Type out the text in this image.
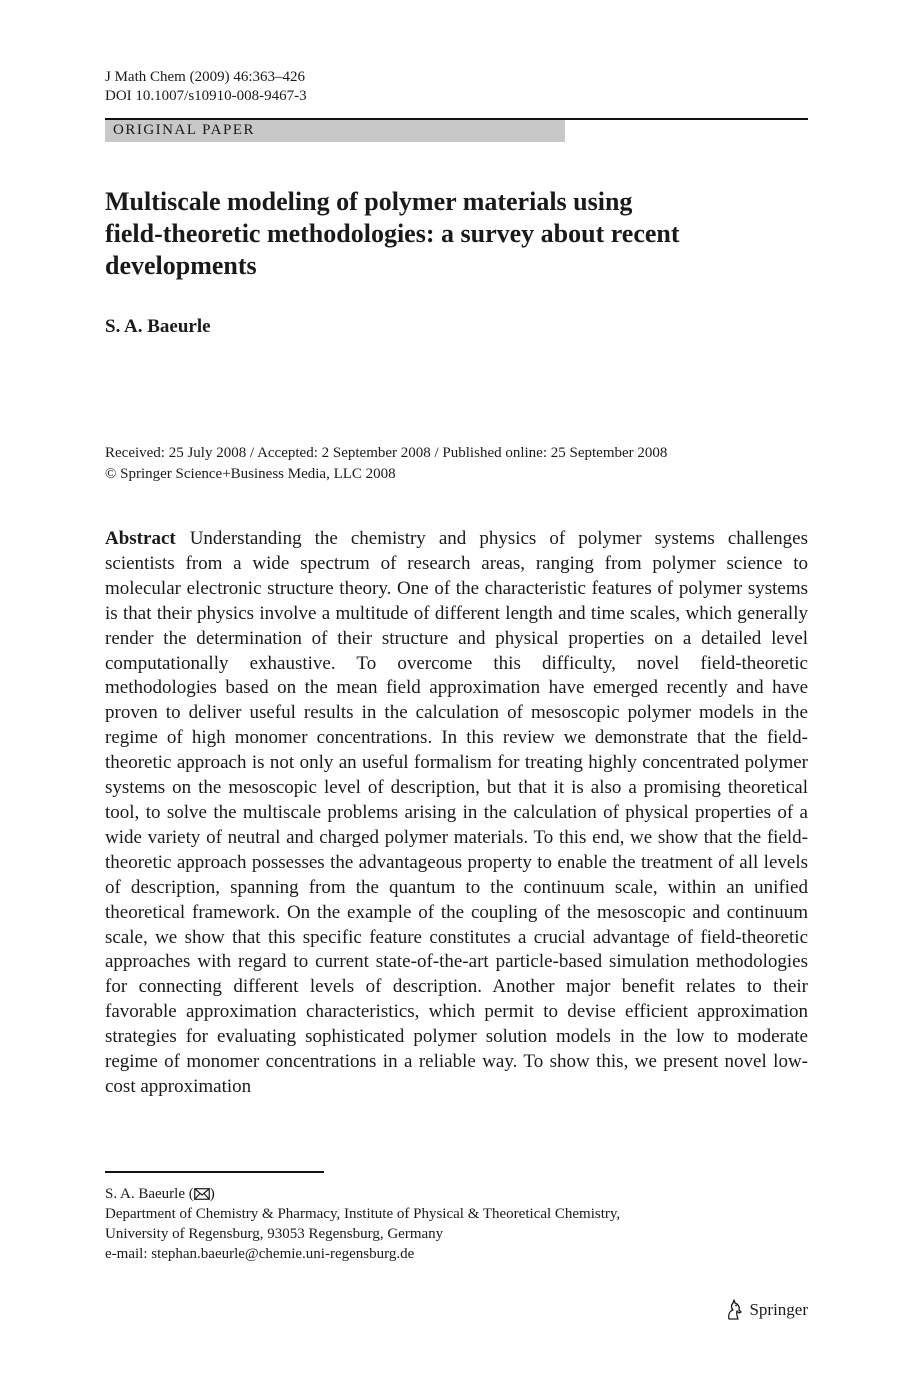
J Math Chem (2009) 46:363–426
DOI 10.1007/s10910-008-9467-3
ORIGINAL PAPER
Multiscale modeling of polymer materials using
field-theoretic methodologies: a survey about recent
developments
S. A. Baeurle
Received: 25 July 2008 / Accepted: 2 September 2008 / Published online: 25 September 2008
© Springer Science+Business Media, LLC 2008

Abstract Understanding the chemistry and physics of polymer systems challenges scientists from a wide spectrum of research areas, ranging from polymer science to molecular electronic structure theory. One of the characteristic features of polymer systems is that their physics involve a multitude of different length and time scales, which generally render the determination of their structure and physical properties on a detailed level computationally exhaustive. To overcome this difficulty, novel field-theoretic methodologies based on the mean field approximation have emerged recently and have proven to deliver useful results in the calculation of mesoscopic polymer models in the regime of high monomer concentrations. In this review we demonstrate that the field-theoretic approach is not only an useful formalism for treating highly concentrated polymer systems on the mesoscopic level of description, but that it is also a promising theoretical tool, to solve the multiscale problems arising in the calculation of physical properties of a wide variety of neutral and charged polymer materials. To this end, we show that the field-theoretic approach possesses the advantageous property to enable the treatment of all levels of description, spanning from the quantum to the continuum scale, within an unified theoretical framework. On the example of the coupling of the mesoscopic and continuum scale, we show that this specific feature constitutes a crucial advantage of field-theoretic approaches with regard to current state-of-the-art particle-based simulation methodologies for connecting different levels of description. Another major benefit relates to their favorable approximation characteristics, which permit to devise efficient approximation strategies for evaluating sophisticated polymer solution models in the low to moderate regime of monomer concentrations in a reliable way. To show this, we present novel low-cost approximation

S. A. Baeurle ( )
Department of Chemistry & Pharmacy, Institute of Physical & Theoretical Chemistry,
University of Regensburg, 93053 Regensburg, Germany
e-mail: stephan.baeurle@chemie.uni-regensburg.de
Springer
